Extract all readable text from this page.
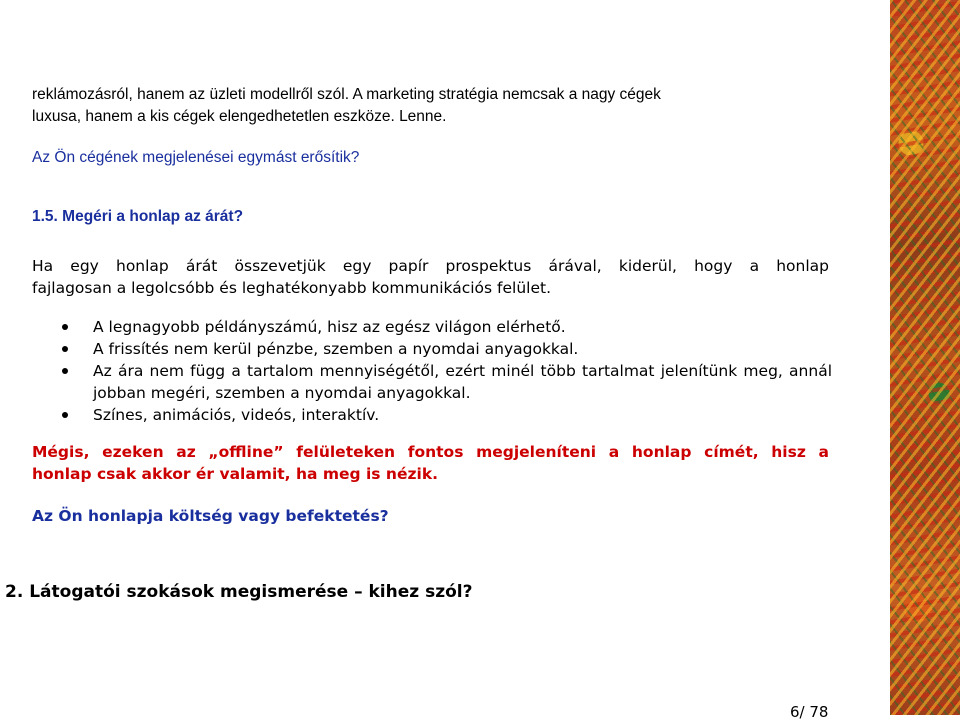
reklámozásról, hanem az üzleti modellről szól. A marketing stratégia nemcsak a nagy cégek

luxusa, hanem a kis cégek elengedhetetlen eszköze. Lenne.

Az Ön cégének megjelenései egymást erősítik?

1.5. Megéri a honlap az árát?

Ha egy honlap árát összevetjük egy papír prospektus árával, kiderül, hogy a honlap

fajlagosan a legolcsóbb és leghatékonyabb kommunikációs felület.

A legnagyobb példányszámú, hisz az egész világon elérhető.
A frissítés nem kerül pénzbe, szemben a nyomdai anyagokkal.
Az ára nem függ a tartalom mennyiségétől, ezért minél több tartalmat jelenítünk meg, annál jobban megéri, szemben a nyomdai anyagokkal.
Színes, animációs, videós, interaktív.

Mégis, ezeken az „offline” felületeken fontos megjeleníteni a honlap címét, hisz a

honlap csak akkor ér valamit, ha meg is nézik.

Az Ön honlapja költség vagy befektetés?

2. Látogatói szokások megismerése – kihez szól?

6/ 78
